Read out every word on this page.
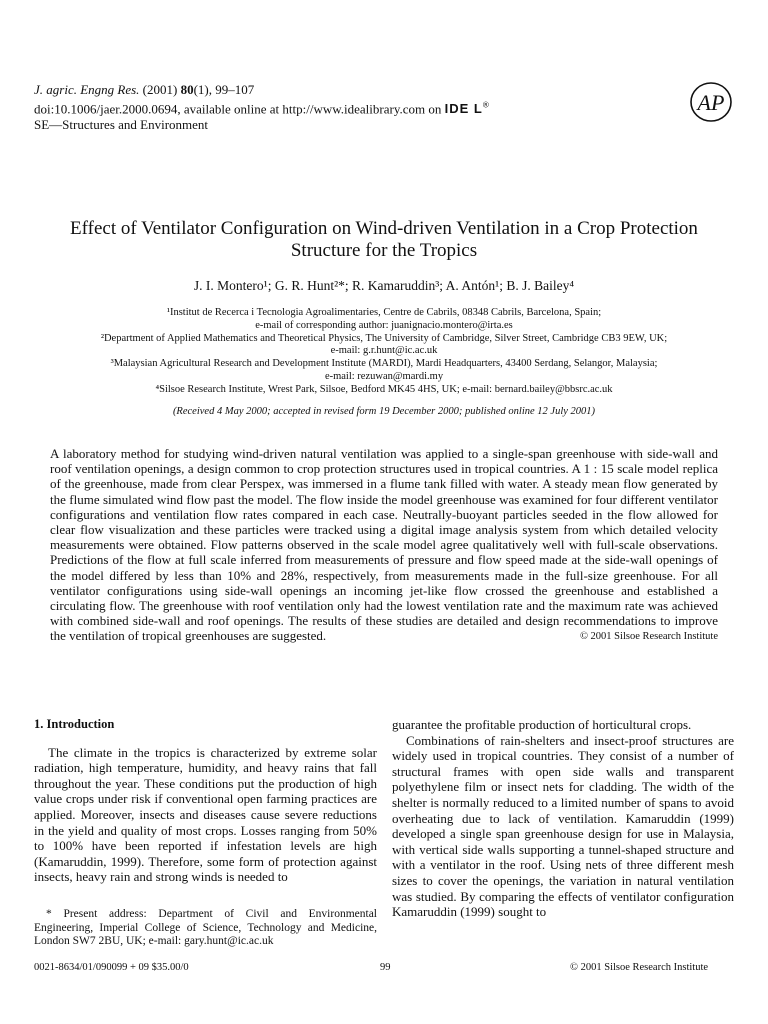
J. agric. Engng Res. (2001) 80(1), 99–107
doi:10.1006/jaer.2000.0694, available online at http://www.idealibrary.com on IDE L®
SE—Structures and Environment
AP
Effect of Ventilator Configuration on Wind-driven Ventilation in a Crop Protection Structure for the Tropics
J. I. Montero¹; G. R. Hunt²*; R. Kamaruddin³; A. Antón¹; B. J. Bailey⁴
¹Institut de Recerca i Tecnologia Agroalimentaries, Centre de Cabrils, 08348 Cabrils, Barcelona, Spain;
e-mail of corresponding author: juanignacio.montero@irta.es
²Department of Applied Mathematics and Theoretical Physics, The University of Cambridge, Silver Street, Cambridge CB3 9EW, UK;
e-mail: g.r.hunt@ic.ac.uk
³Malaysian Agricultural Research and Development Institute (MARDI), Mardi Headquarters, 43400 Serdang, Selangor, Malaysia;
e-mail: rezuwan@mardi.my
⁴Silsoe Research Institute, Wrest Park, Silsoe, Bedford MK45 4HS, UK; e-mail: bernard.bailey@bbsrc.ac.uk
(Received 4 May 2000; accepted in revised form 19 December 2000; published online 12 July 2001)
A laboratory method for studying wind-driven natural ventilation was applied to a single-span greenhouse with side-wall and roof ventilation openings, a design common to crop protection structures used in tropical countries. A 1 : 15 scale model replica of the greenhouse, made from clear Perspex, was immersed in a flume tank filled with water. A steady mean flow generated by the flume simulated wind flow past the model. The flow inside the model greenhouse was examined for four different ventilator configurations and ventilation flow rates compared in each case. Neutrally-buoyant particles seeded in the flow allowed for clear flow visualization and these particles were tracked using a digital image analysis system from which detailed velocity measurements were obtained. Flow patterns observed in the scale model agree qualitatively well with full-scale observations. Predictions of the flow at full scale inferred from measurements of pressure and flow speed made at the side-wall openings of the model differed by less than 10% and 28%, respectively, from measurements made in the full-size greenhouse. For all ventilator configurations using side-wall openings an incoming jet-like flow crossed the greenhouse and established a circulating flow. The greenhouse with roof ventilation only had the lowest ventilation rate and the maximum rate was achieved with combined side-wall and roof openings. The results of these studies are detailed and design recommendations to improve the ventilation of tropical greenhouses are suggested.	© 2001 Silsoe Research Institute
1. Introduction

The climate in the tropics is characterized by extreme solar radiation, high temperature, humidity, and heavy rains that fall throughout the year. These conditions put the production of high value crops under risk if conventional open farming practices are applied. Moreover, insects and diseases cause severe reductions in the yield and quality of most crops. Losses ranging from 50% to 100% have been reported if infestation levels are high (Kamaruddin, 1999). Therefore, some form of protection against insects, heavy rain and strong winds is needed to

* Present address: Department of Civil and Environmental Engineering, Imperial College of Science, Technology and Medicine, London SW7 2BU, UK; e-mail: gary.hunt@ic.ac.uk

guarantee the profitable production of horticultural crops.

Combinations of rain-shelters and insect-proof structures are widely used in tropical countries. They consist of a number of structural frames with open side walls and transparent polyethylene film or insect nets for cladding. The width of the shelter is normally reduced to a limited number of spans to avoid overheating due to lack of ventilation. Kamaruddin (1999) developed a single span greenhouse design for use in Malaysia, with vertical side walls supporting a tunnel-shaped structure and with a ventilator in the roof. Using nets of three different mesh sizes to cover the openings, the variation in natural ventilation was studied. By comparing the effects of ventilator configuration Kamaruddin (1999) sought to

0021-8634/01/090099 + 09 $35.00/0	99	© 2001 Silsoe Research Institute
